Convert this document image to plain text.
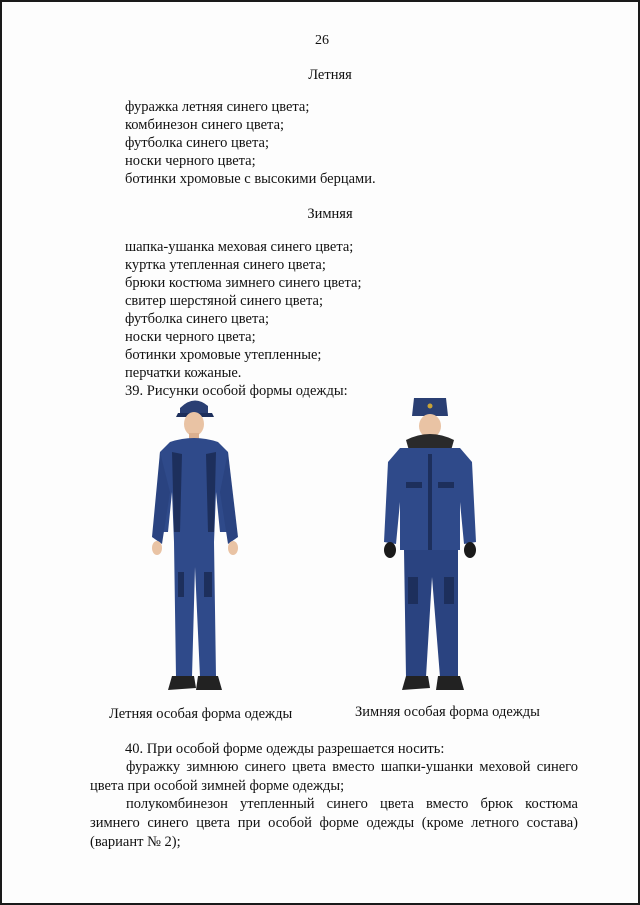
26
Летняя
фуражка летняя синего цвета;
комбинезон синего цвета;
футболка синего цвета;
носки черного цвета;
ботинки хромовые с высокими берцами.
Зимняя
шапка-ушанка меховая синего цвета;
куртка утепленная синего цвета;
брюки костюма зимнего синего цвета;
свитер шерстяной синего цвета;
футболка синего цвета;
носки черного цвета;
ботинки хромовые утепленные;
перчатки кожаные.
39. Рисунки особой формы одежды:
Летняя особая форма одежды	Зимняя особая форма одежды
40. При особой форме одежды разрешается носить:
фуражку зимнюю синего цвета вместо шапки-ушанки меховой синего цвета при особой зимней форме одежды;
полукомбинезон утепленный синего цвета вместо брюк костюма зимнего синего цвета при особой форме одежды (кроме летного состава) (вариант № 2);
